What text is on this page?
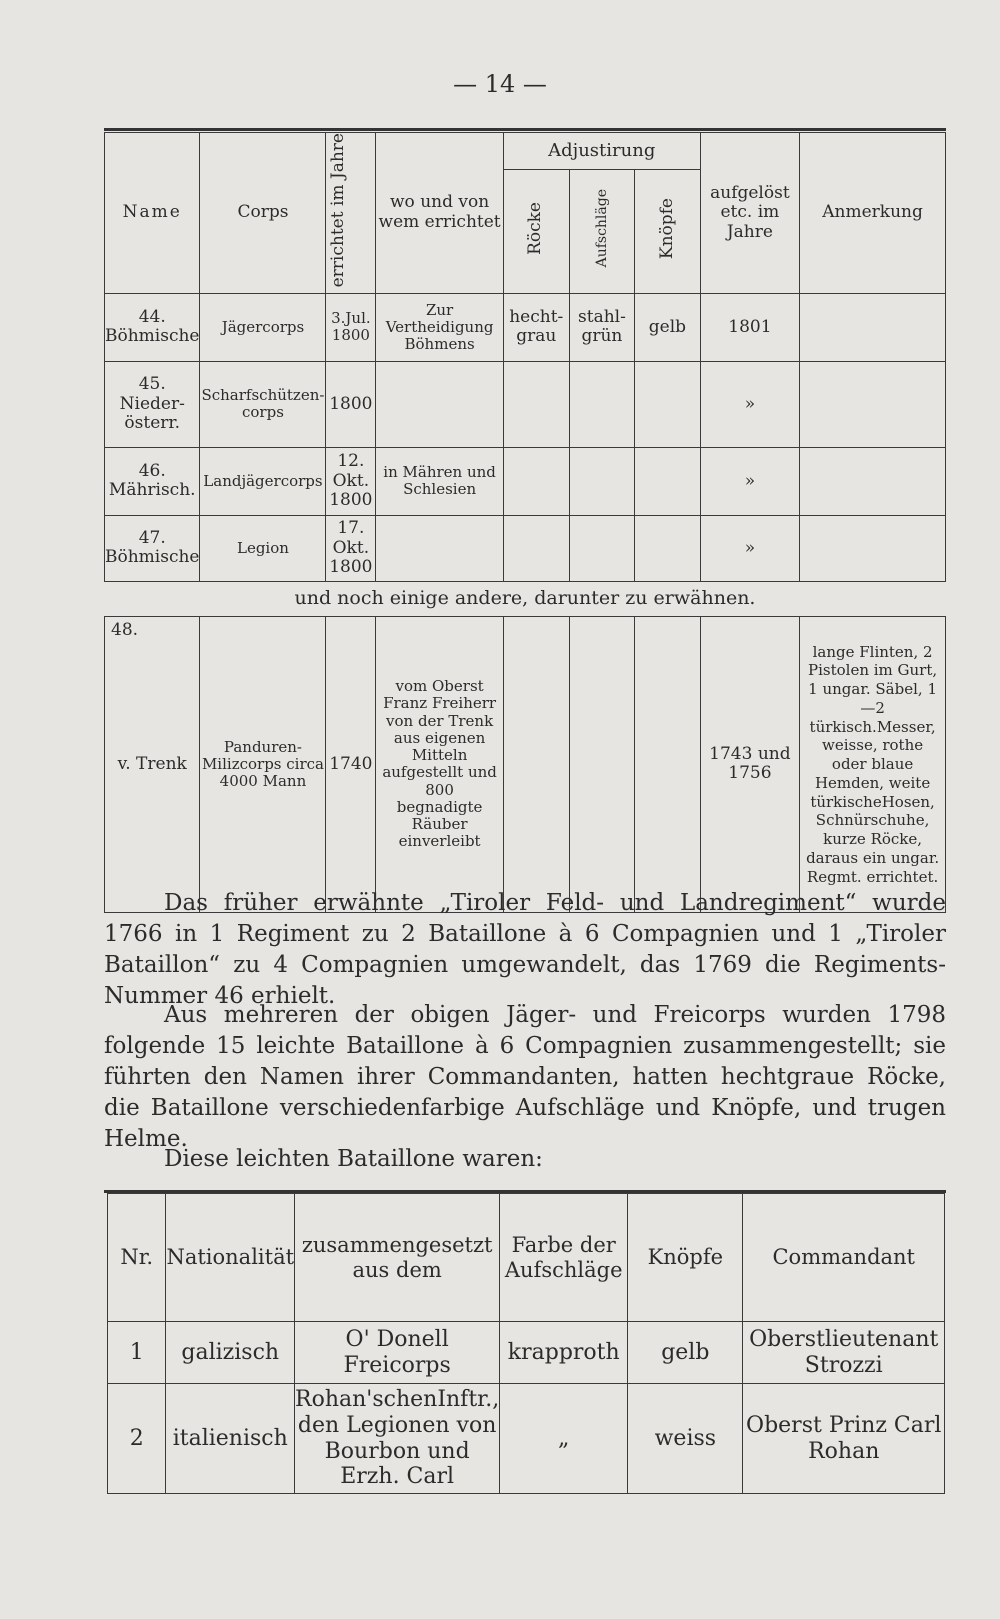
— 14 —
Name	Corps	errichtet im Jahre	wo und von wem errichtet	Adjustirung			aufgelöst etc. im Jahre	Anmerkung
				Röcke	Aufschläge	Knöpfe		
44. Böhmische	Jägercorps	3.Jul. 1800	Zur Vertheidigung Böhmens	hecht-grau	stahl-grün	gelb	1801	
45. Nieder-österr.	Scharfschützen-corps	1800					»	
46. Mährisch.	Landjägercorps	12. Okt. 1800	in Mähren und Schlesien				»	
47. Böhmische	Legion	17. Okt. 1800					»	
und noch einige andere, darunter zu erwähnen.								

48.
v. Trenk	Panduren-Milizcorps circa 4000 Mann	1740	vom Oberst Franz Freiherr von der Trenk aus eigenen Mitteln aufgestellt und 800 begnadigte Räuber einverleibt				1743 und 1756	lange Flinten, 2 Pistolen im Gurt, 1 ungar. Säbel, 1—2 türkisch.Messer, weisse, rothe oder blaue Hemden, weite türkischeHosen, Schnürschuhe, kurze Röcke, daraus ein ungar. Regmt. errichtet.

Das früher erwähnte „Tiroler Feld- und Landregiment“ wurde 1766 in 1 Regiment zu 2 Bataillone à 6 Compagnien und 1 „Tiroler Bataillon“ zu 4 Compagnien umgewandelt, das 1769 die Regiments-Nummer 46 erhielt.

Aus mehreren der obigen Jäger- und Freicorps wurden 1798 folgende 15 leichte Bataillone à 6 Compagnien zusammengestellt; sie führten den Namen ihrer Commandanten, hatten hechtgraue Röcke, die Bataillone verschiedenfarbige Aufschläge und Knöpfe, und trugen Helme.

Diese leichten Bataillone waren:

Nr.	Nationalität	zusammengesetzt aus dem	Farbe der Aufschläge	Knöpfe	Commandant
1	galizisch	O' Donell Freicorps	krapproth	gelb	Oberstlieutenant Strozzi
2	italienisch	Rohan'schenInftr., den Legionen von Bourbon und Erzh. Carl	„	weiss	Oberst Prinz Carl Rohan
